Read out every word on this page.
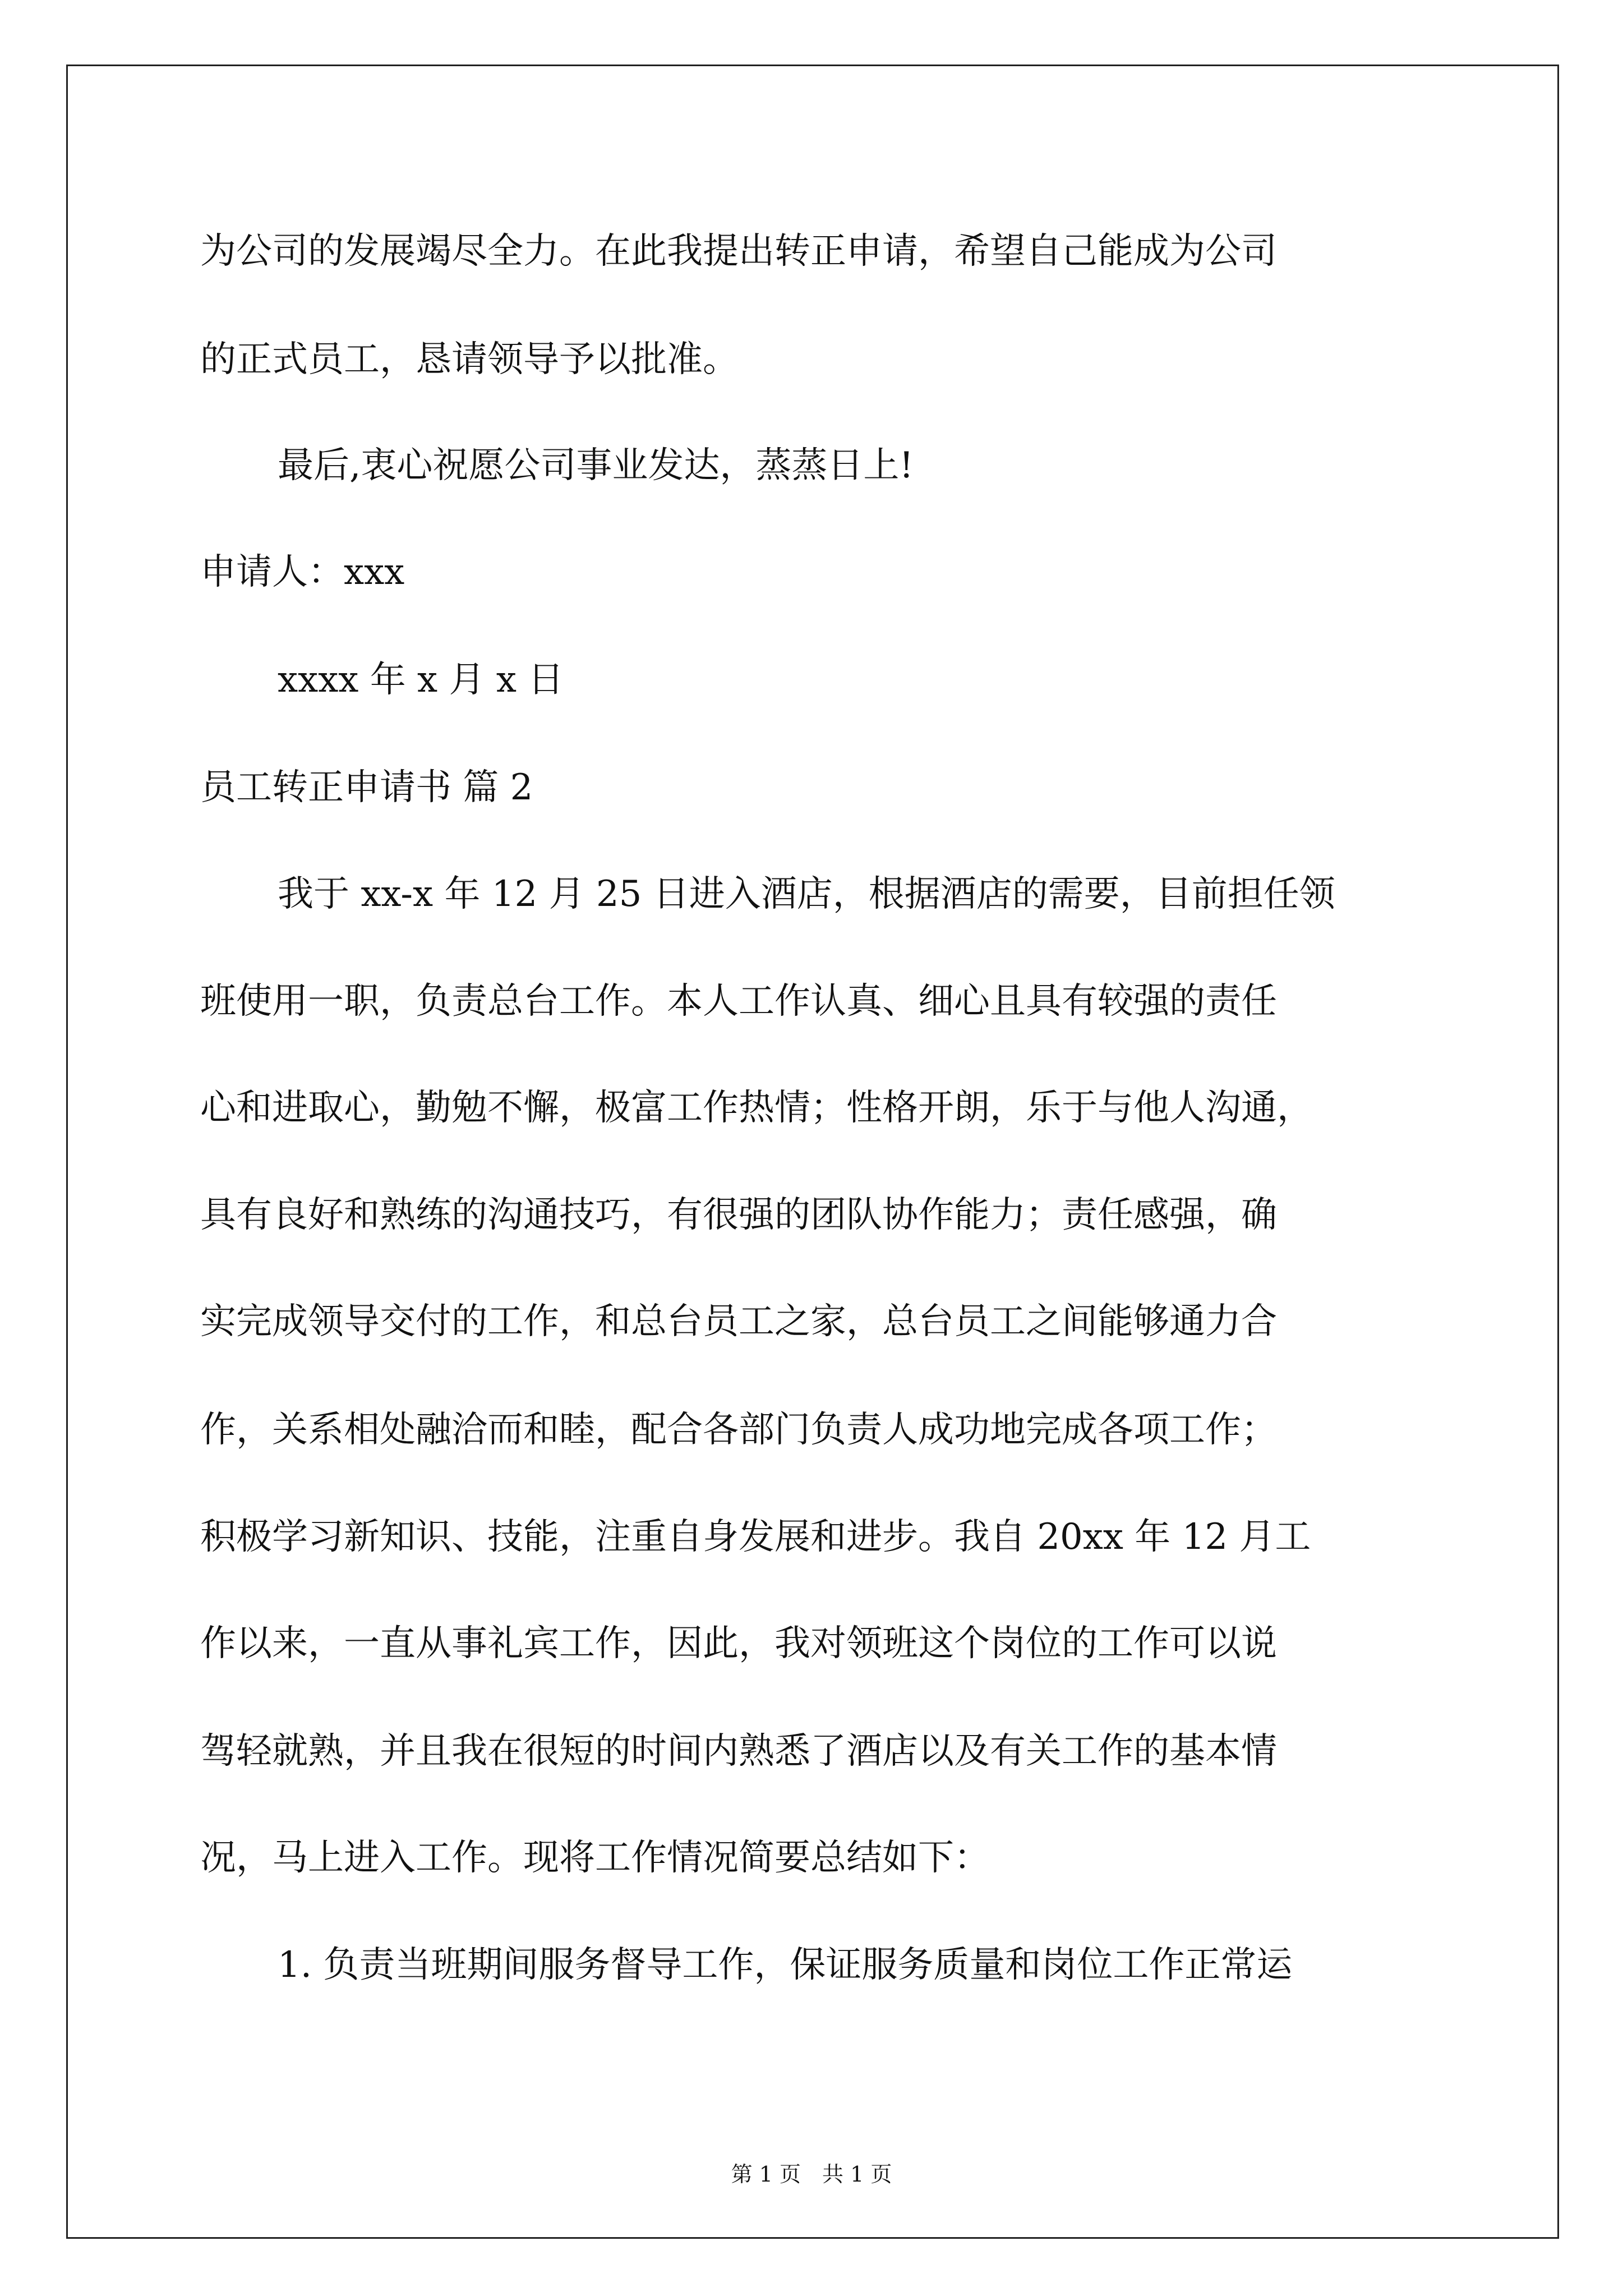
为公司的发展竭尽全力。在此我提出转正申请，希望自己能成为公司

的正式员工，恳请领导予以批准。

最后,衷心祝愿公司事业发达，蒸蒸日上!

申请人：xxx

xxxx 年 x 月 x 日

员工转正申请书 篇 2

我于 xx-x 年 12 月 25 日进入酒店，根据酒店的需要，目前担任领

班使用一职，负责总台工作。本人工作认真、细心且具有较强的责任

心和进取心，勤勉不懈，极富工作热情；性格开朗，乐于与他人沟通，

具有良好和熟练的沟通技巧，有很强的团队协作能力；责任感强，确

实完成领导交付的工作，和总台员工之家，总台员工之间能够通力合

作，关系相处融洽而和睦，配合各部门负责人成功地完成各项工作；

积极学习新知识、技能，注重自身发展和进步。我自 20xx 年 12 月工

作以来，一直从事礼宾工作，因此，我对领班这个岗位的工作可以说

驾轻就熟，并且我在很短的时间内熟悉了酒店以及有关工作的基本情

况，马上进入工作。现将工作情况简要总结如下：

1. 负责当班期间服务督导工作，保证服务质量和岗位工作正常运

第 1 页　共 1 页
